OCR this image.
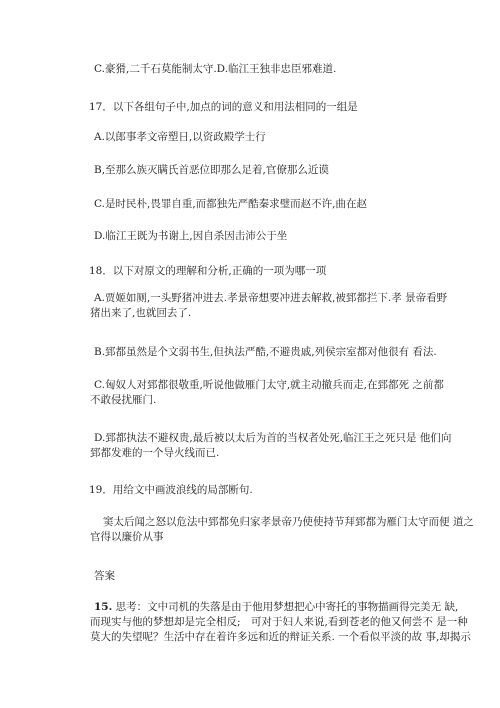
C.豪猾,二千石莫能制太守.D.临江王独非忠臣邪难道.
17．以下各组句子中,加点的词的意义和用法相同的一组是
A.以郎事孝文帝塑日,以资政殿学士行
B,至那么族灭瞒氏首恶位即那么足着,官僚那么近谟
C.是时民朴,畏罪自重,而都独先严酷秦求璧而赵不许,曲在赵
D.临江王既为书谢上,因自杀因击沛公于坐
18．以下对原文的理解和分析,正确的一项为哪一项
A.贾姬如厕,一头野猪冲进去.孝景帝想要冲进去解救,被郅都拦下.孝 景帝看野
猪出来了,也就回去了.
B.郅都虽然是个文弱书生,但执法严酷,不避贵戚,列侯宗室都对他很有 看法.
C.匈奴人对郅都很敬重,听说他做雁门太守,就主动撤兵而走,在郅都死 之前都
不敢侵扰雁门.
D.郅都执法不避权贵,最后被以太后为首的当权者处死,临江王之死只是 他们向
郅都发难的一个导火线而已.
19．用给文中画波浪线的局部断句.
窦太后闻之怒以危法中郅都免归家孝景帝乃使使持节拜郅都为雁门太守而便 道之
官得以廉价从事
答案
15. 思考：文中司机的失落是由于他用梦想把心中寄托的事物描画得完美无 缺,
而现实与他的梦想却是完全相反;　可对于妇人来说,看到苍老的他又何尝不 是一种
莫大的失望呢？生活中存在着许多远和近的辩证关系. 一个看似平淡的故 事,却揭示
